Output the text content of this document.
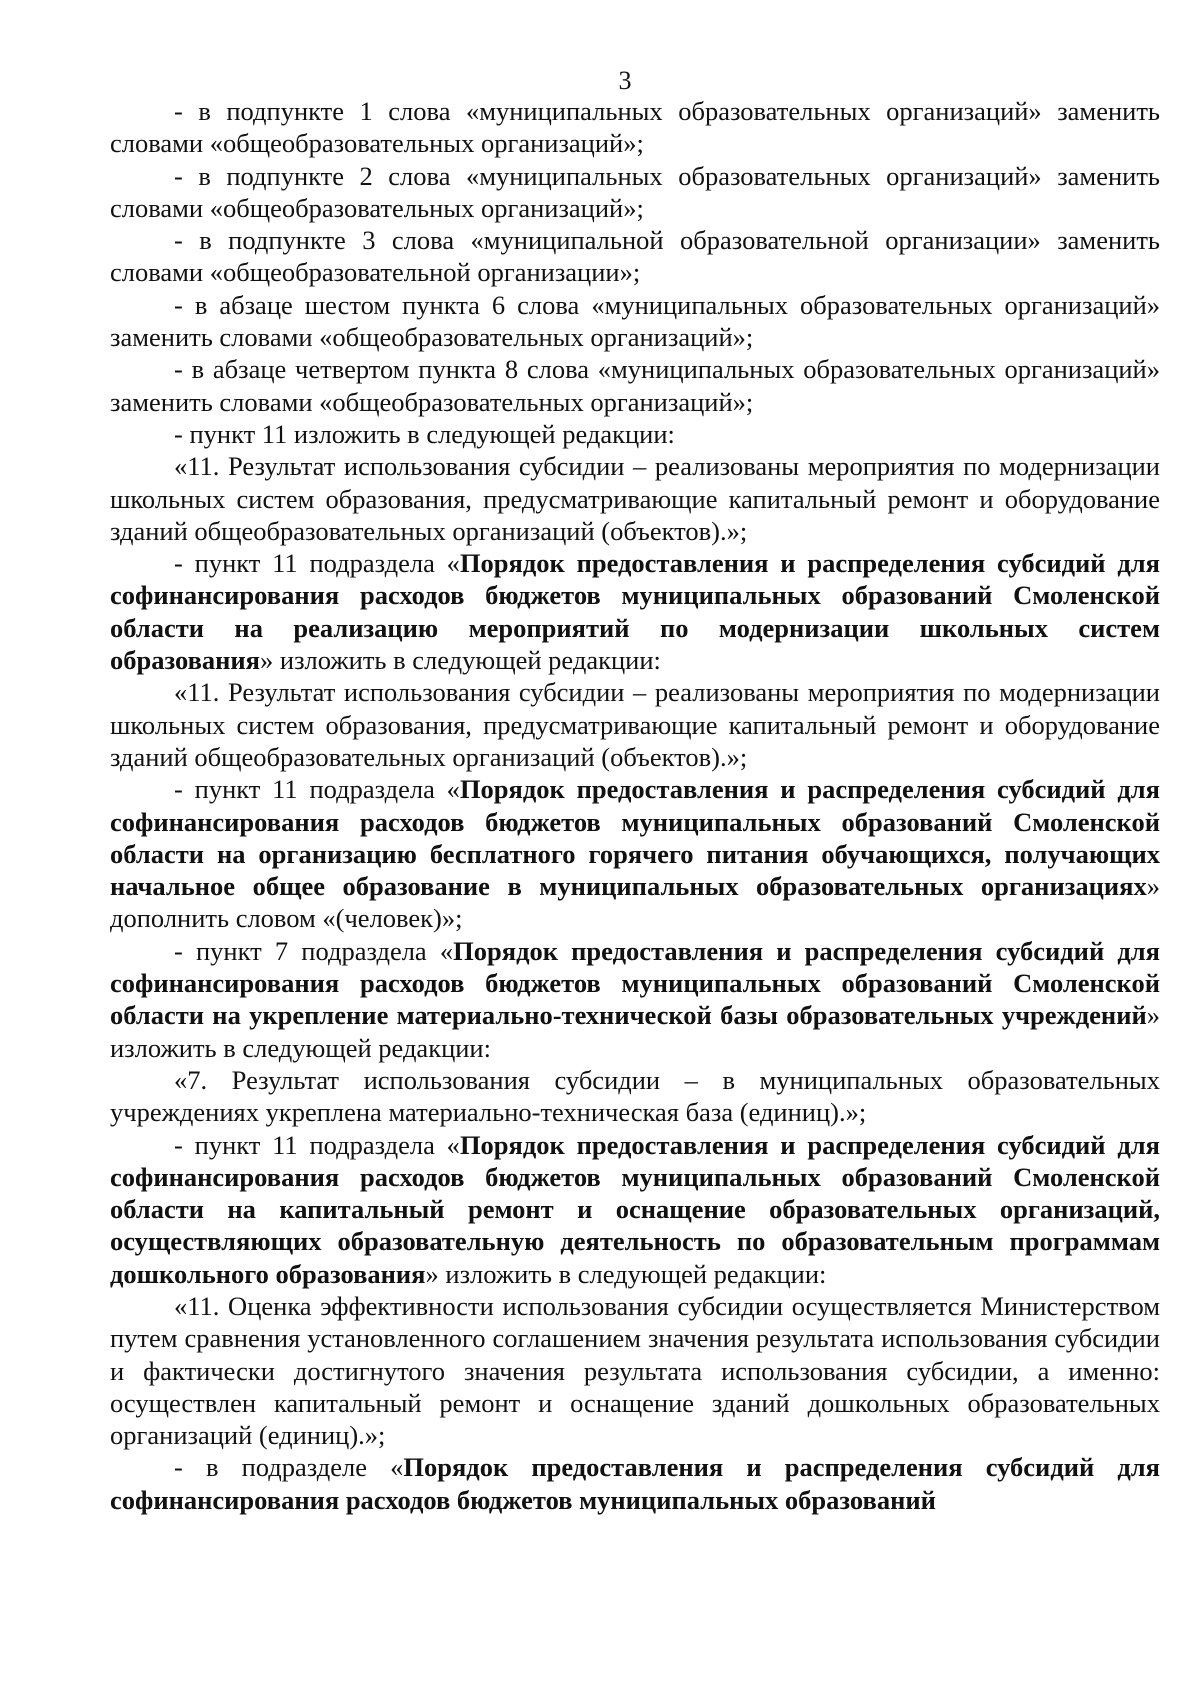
3

- в подпункте 1 слова «муниципальных образовательных организаций» заменить словами «общеобразовательных организаций»;

- в подпункте 2 слова «муниципальных образовательных организаций» заменить словами «общеобразовательных организаций»;

- в подпункте 3 слова «муниципальной образовательной организации» заменить словами «общеобразовательной организации»;

- в абзаце шестом пункта 6 слова «муниципальных образовательных организаций» заменить словами «общеобразовательных организаций»;

- в абзаце четвертом пункта 8 слова «муниципальных образовательных организаций» заменить словами «общеобразовательных организаций»;

- пункт 11 изложить в следующей редакции:

«11. Результат использования субсидии – реализованы мероприятия по модернизации школьных систем образования, предусматривающие капитальный ремонт и оборудование зданий общеобразовательных организаций (объектов).»;

- пункт 11 подраздела «Порядок предоставления и распределения субсидий для софинансирования расходов бюджетов муниципальных образований Смоленской области на реализацию мероприятий по модернизации школьных систем образования» изложить в следующей редакции:

«11. Результат использования субсидии – реализованы мероприятия по модернизации школьных систем образования, предусматривающие капитальный ремонт и оборудование зданий общеобразовательных организаций (объектов).»;

- пункт 11 подраздела «Порядок предоставления и распределения субсидий для софинансирования расходов бюджетов муниципальных образований Смоленской области на организацию бесплатного горячего питания обучающихся, получающих начальное общее образование в муниципальных образовательных организациях» дополнить словом «(человек)»;

- пункт 7 подраздела «Порядок предоставления и распределения субсидий для софинансирования расходов бюджетов муниципальных образований Смоленской области на укрепление материально-технической базы образовательных учреждений» изложить в следующей редакции:

«7. Результат использования субсидии – в муниципальных образовательных учреждениях укреплена материально-техническая база (единиц).»;

- пункт 11 подраздела «Порядок предоставления и распределения субсидий для софинансирования расходов бюджетов муниципальных образований Смоленской области на капитальный ремонт и оснащение образовательных организаций, осуществляющих образовательную деятельность по образовательным программам дошкольного образования» изложить в следующей редакции:

«11. Оценка эффективности использования субсидии осуществляется Министерством путем сравнения установленного соглашением значения результата использования субсидии и фактически достигнутого значения результата использования субсидии, а именно: осуществлен капитальный ремонт и оснащение зданий дошкольных образовательных организаций (единиц).»;

- в подразделе «Порядок предоставления и распределения субсидий для софинансирования расходов бюджетов муниципальных образований
